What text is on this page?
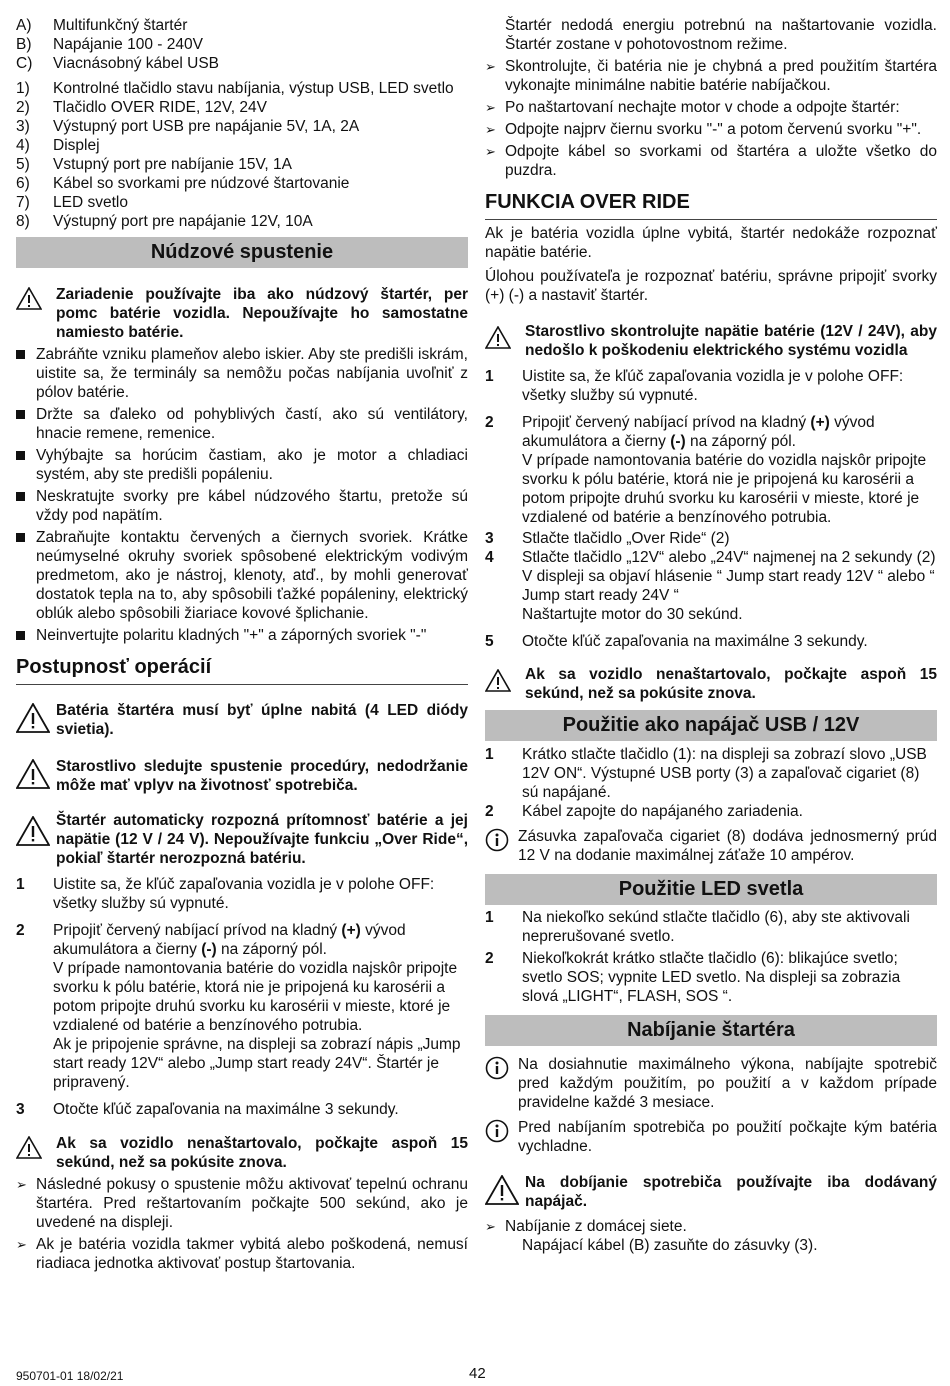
A)	Multifunkčný štartér
B)	Napájanie 100 - 240V
C)	Viacnásobný kábel USB
1)	Kontrolné tlačidlo stavu nabíjania, výstup USB, LED svetlo
2)	Tlačidlo OVER RIDE, 12V, 24V
3)	Výstupný port USB pre napájanie 5V, 1A, 2A
4)	Displej
5)	Vstupný port pre nabíjanie 15V, 1A
6)	Kábel so svorkami pre núdzové štartovanie
7)	LED svetlo
8)	Výstupný port pre napájanie 12V, 10A
Núdzové spustenie
Zariadenie používajte iba ako núdzový štartér, per pomc batérie vozidla. Nepoužívajte ho samostatne namiesto batérie.
Zabráňte vzniku plameňov alebo iskier. Aby ste predišli iskrám, uistite sa, že terminály sa nemôžu počas nabíjania uvoľniť z pólov batérie.
Držte sa ďaleko od pohyblivých častí, ako sú ventilátory, hnacie remene, remenice.
Vyhýbajte sa horúcim častiam, ako je motor a chladiaci systém, aby ste predišli popáleniu.
Neskratujte svorky pre kábel núdzového štartu, pretože sú vždy pod napätím.
Zabraňujte kontaktu červených a čiernych svoriek. Krátke neúmyselné okruhy svoriek spôsobené elektrickým vodivým predmetom, ako je nástroj, klenoty, atď., by mohli generovať dostatok tepla na to, aby spôsobili ťažké popáleniny, elektrický oblúk alebo spôsobili žiariace kovové šplichanie.
Neinvertujte polaritu kladných "+" a záporných svoriek "-"
Postupnosť operácií
Batéria štartéra musí byť úplne nabitá (4 LED diódy svietia).
Starostlivo sledujte spustenie procedúry, nedodržanie môže mať vplyv na životnosť spotrebiča.
Štartér automaticky rozpozná prítomnosť batérie a jej napätie (12 V / 24 V). Nepoužívajte funkciu „Over Ride“, pokiaľ štartér nerozpozná batériu.
1	Uistite sa, že kľúč zapaľovania vozidla je v polohe OFF: všetky služby sú vypnuté.
2	Pripojiť červený nabíjací prívod na kladný (+) vývod akumulátora a čierny (-) na záporný pól.
V prípade namontovania batérie do vozidla najskôr pripojte svorku k pólu batérie, ktorá nie je pripojená ku karosérii a potom pripojte druhú svorku ku karosérii v mieste, ktoré je vzdialené od batérie a benzínového potrubia.
Ak je pripojenie správne, na displeji sa zobrazí nápis „Jump start ready 12V“ alebo „Jump start ready 24V“. Štartér je pripravený.
3	Otočte kľúč zapaľovania na maximálne 3 sekundy.
Ak sa vozidlo nenaštartovalo, počkajte aspoň 15 sekúnd, než sa pokúsite znova.
➢ Následné pokusy o spustenie môžu aktivovať tepelnú ochranu štartéra. Pred reštartovaním počkajte 500 sekúnd, ako je uvedené na displeji.
➢ Ak je batéria vozidla takmer vybitá alebo poškodená, nemusí riadiaca jednotka aktivovať postup štartovania.
Štartér nedodá energiu potrebnú na naštartovanie vozidla. Štartér zostane v pohotovostnom režime.
➢ Skontrolujte, či batéria nie je chybná a pred použitím štartéra vykonajte minimálne nabitie batérie nabíjačkou.
➢ Po naštartovaní nechajte motor v chode a odpojte štartér:
➢ Odpojte najprv čiernu svorku "-" a potom červenú svorku "+".
➢ Odpojte kábel so svorkami od štartéra a uložte všetko do puzdra.
FUNKCIA OVER RIDE
Ak je batéria vozidla úplne vybitá, štartér nedokáže rozpoznať napätie batérie.
Úlohou používateľa je rozpoznať batériu, správne pripojiť svorky (+) (-) a nastaviť štartér.
Starostlivo skontrolujte napätie batérie (12V / 24V), aby nedošlo k poškodeniu elektrického systému vozidla
1	Uistite sa, že kľúč zapaľovania vozidla je v polohe OFF: všetky služby sú vypnuté.
2	Pripojiť červený nabíjací prívod na kladný (+) vývod akumulátora a čierny (-) na záporný pól.
V prípade namontovania batérie do vozidla najskôr pripojte svorku k pólu batérie, ktorá nie je pripojená ku karosérii a potom pripojte druhú svorku ku karosérii v mieste, ktoré je vzdialené od batérie a benzínového potrubia.
3	Stlačte tlačidlo „Over Ride“ (2)
4	Stlačte tlačidlo „12V“ alebo „24V“ najmenej na 2 sekundy (2)
V displeji sa objaví hlásenie “ Jump start ready 12V “ alebo “ Jump start ready 24V “
Naštartujte motor do 30 sekúnd.
5	Otočte kľúč zapaľovania na maximálne 3 sekundy.
Ak sa vozidlo nenaštartovalo, počkajte aspoň 15 sekúnd, než sa pokúsite znova.
Použitie ako napájač USB / 12V
1	Krátko stlačte tlačidlo (1): na displeji sa zobrazí slovo „USB 12V ON“. Výstupné USB porty (3) a zapaľovač cigariet (8) sú napájané.
2	Kábel zapojte do napájaného zariadenia.
Zásuvka zapaľovača cigariet (8) dodáva jednosmerný prúd 12 V na dodanie maximálnej záťaže 10 ampérov.
Použitie LED svetla
1	Na niekoľko sekúnd stlačte tlačidlo (6), aby ste aktivovali neprerušované svetlo.
2	Niekoľkokrát krátko stlačte tlačidlo (6): blikajúce svetlo; svetlo SOS; vypnite LED svetlo. Na displeji sa zobrazia slová „LIGHT“, FLASH, SOS “.
Nabíjanie štartéra
Na dosiahnutie maximálneho výkona, nabíjajte spotrebič pred každým použitím, po použití a v každom prípade pravidelne každé 3 mesiace.
Pred nabíjaním spotrebiča po použití počkajte kým batéria vychladne.
Na dobíjanie spotrebiča používajte iba dodávaný napájač.
➢ Nabíjanie z domácej siete.
Napájací kábel (B) zasuňte do zásuvky (3).
950701-01 18/02/21	42
